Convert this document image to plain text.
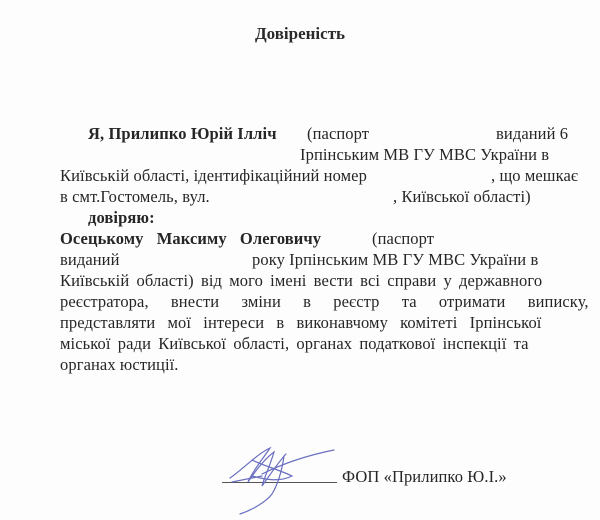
Довіреність
Я, Прилипко Юрій Ілліч (паспорт	виданий 6
Ірпінським МВ ГУ МВС України в
Київській області, ідентифікаційний номер	, що мешкає
в смт.Гостомель, вул.	, Київської області)
довіряю:
Осецькому Максиму Олеговичу	(паспорт
виданий	року Ірпінським МВ ГУ МВС України в
Київській області) від мого імені вести всі справи у державного
реєстратора, внести зміни в реєстр та отримати виписку,
представляти мої інтереси в виконавчому комітеті Ірпінської
міської ради Київської області, органах податкової інспекції та
органах юстиції.
ФОП «Прилипко Ю.І.»
